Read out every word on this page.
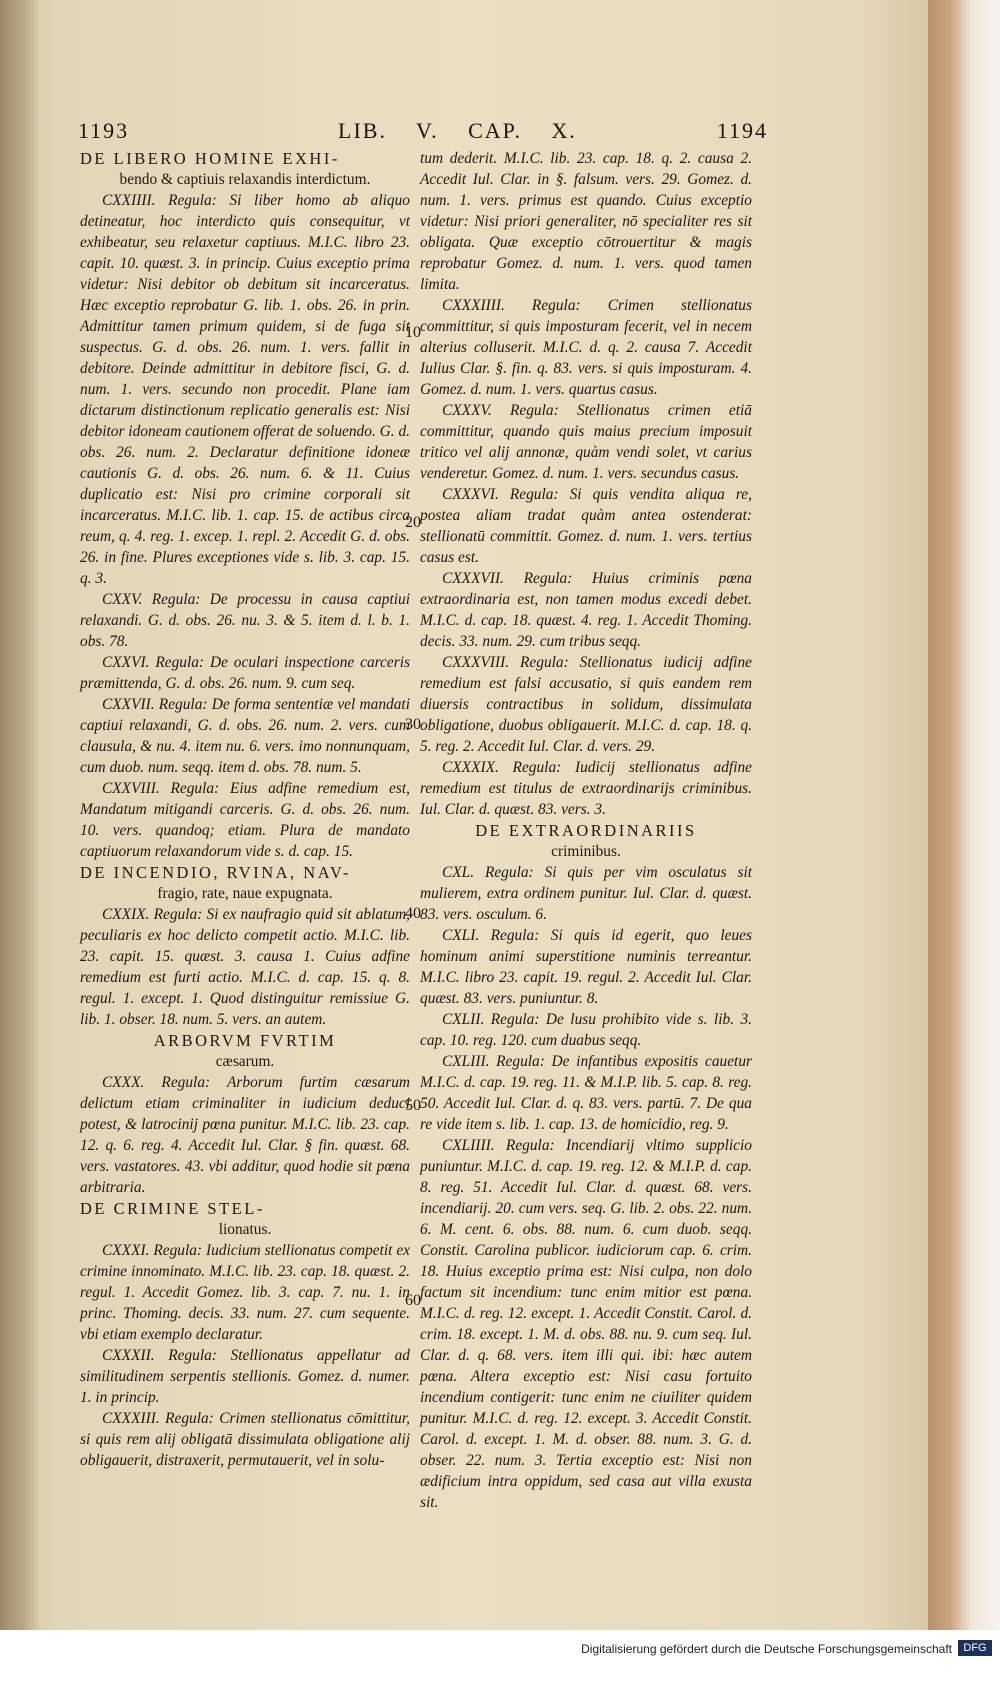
1193	LIB. V. CAP. X.	1194
DE LIBERO HOMINE EXHI-

bendo & captiuis relaxandis interdictum.

CXXIIII. Regula: Si liber homo ab aliquo detineatur, hoc interdicto quis consequitur, vt exhibeatur, seu relaxetur captiuus. M.I.C. libro 23. capit. 10. quæst. 3. in princip. Cuius exceptio prima videtur: Nisi debitor ob debitum sit incarceratus. Hæc exceptio reprobatur G. lib. 1. obs. 26. in prin. Admittitur tamen primum quidem, si de fuga sit suspectus. G. d. obs. 26. num. 1. vers. fallit in debitore. Deinde admittitur in debitore fisci, G. d. num. 1. vers. secundo non procedit. Plane iam dictarum distinctionum replicatio generalis est: Nisi debitor idoneam cautionem offerat de soluendo. G. d. obs. 26. num. 2. Declaratur definitione idoneæ cautionis G. d. obs. 26. num. 6. & 11. Cuius duplicatio est: Nisi pro crimine corporali sit incarceratus. M.I.C. lib. 1. cap. 15. de actibus circa reum, q. 4. reg. 1. excep. 1. repl. 2. Accedit G. d. obs. 26. in fine. Plures exceptiones vide s. lib. 3. cap. 15. q. 3.

CXXV. Regula: De processu in causa captiui relaxandi. G. d. obs. 26. nu. 3. & 5. item d. l. b. 1. obs. 78.

CXXVI. Regula: De oculari inspectione carceris præmittenda, G. d. obs. 26. num. 9. cum seq.

CXXVII. Regula: De forma sententiæ vel mandati captiui relaxandi, G. d. obs. 26. num. 2. vers. cum clausula, & nu. 4. item nu. 6. vers. imo nonnunquam, cum duob. num. seqq. item d. obs. 78. num. 5.

CXXVIII. Regula: Eius adfine remedium est, Mandatum mitigandi carceris. G. d. obs. 26. num. 10. vers. quandoq; etiam. Plura de mandato captiuorum relaxandorum vide s. d. cap. 15.

DE INCENDIO, RVINA, NAV-

fragio, rate, naue expugnata.

CXXIX. Regula: Si ex naufragio quid sit ablatum, peculiaris ex hoc delicto competit actio. M.I.C. lib. 23. capit. 15. quæst. 3. causa 1. Cuius adfine remedium est furti actio. M.I.C. d. cap. 15. q. 8. regul. 1. except. 1. Quod distinguitur remissiue G. lib. 1. obser. 18. num. 5. vers. an autem.

ARBORVM FVRTIM

cæsarum.

CXXX. Regula: Arborum furtim cæsarum delictum etiam criminaliter in iudicium deduci potest, & latrocinij pœna punitur. M.I.C. lib. 23. cap. 12. q. 6. reg. 4. Accedit Iul. Clar. § fin. quæst. 68. vers. vastatores. 43. vbi additur, quod hodie sit pœna arbitraria.

DE CRIMINE STEL-

lionatus.

CXXXI. Regula: Iudicium stellionatus competit ex crimine innominato. M.I.C. lib. 23. cap. 18. quæst. 2. regul. 1. Accedit Gomez. lib. 3. cap. 7. nu. 1. in princ. Thoming. decis. 33. num. 27. cum sequente. vbi etiam exemplo declaratur.

CXXXII. Regula: Stellionatus appellatur ad similitudinem serpentis stellionis. Gomez. d. numer. 1. in princip.

CXXXIII. Regula: Crimen stellionatus cōmittitur, si quis rem alij obligatā dissimulata obligatione alij obligauerit, distraxerit, permutauerit, vel in solu-

10
20
30
40
50
60

tum dederit. M.I.C. lib. 23. cap. 18. q. 2. causa 2. Accedit Iul. Clar. in §. falsum. vers. 29. Gomez. d. num. 1. vers. primus est quando. Cuius exceptio videtur: Nisi priori generaliter, nō specialiter res sit obligata. Quæ exceptio cōtrouertitur & magis reprobatur Gomez. d. num. 1. vers. quod tamen limita.

CXXXIIII. Regula: Crimen stellionatus committitur, si quis imposturam fecerit, vel in necem alterius colluserit. M.I.C. d. q. 2. causa 7. Accedit Iulius Clar. §. fin. q. 83. vers. si quis imposturam. 4. Gomez. d. num. 1. vers. quartus casus.

CXXXV. Regula: Stellionatus crimen etiā committitur, quando quis maius precium imposuit tritico vel alij annonæ, quàm vendi solet, vt carius venderetur. Gomez. d. num. 1. vers. secundus casus.

CXXXVI. Regula: Si quis vendita aliqua re, postea aliam tradat quàm antea ostenderat: stellionatū committit. Gomez. d. num. 1. vers. tertius casus est.

CXXXVII. Regula: Huius criminis pœna extraordinaria est, non tamen modus excedi debet. M.I.C. d. cap. 18. quæst. 4. reg. 1. Accedit Thoming. decis. 33. num. 29. cum tribus seqq.

CXXXVIII. Regula: Stellionatus iudicij adfine remedium est falsi accusatio, si quis eandem rem diuersis contractibus in solidum, dissimulata obligatione, duobus obligauerit. M.I.C. d. cap. 18. q. 5. reg. 2. Accedit Iul. Clar. d. vers. 29.

CXXXIX. Regula: Iudicij stellionatus adfine remedium est titulus de extraordinarijs criminibus. Iul. Clar. d. quæst. 83. vers. 3.

DE EXTRAORDINARIIS

criminibus.

CXL. Regula: Si quis per vim osculatus sit mulierem, extra ordinem punitur. Iul. Clar. d. quæst. 83. vers. osculum. 6.

CXLI. Regula: Si quis id egerit, quo leues hominum animi superstitione numinis terreantur. M.I.C. libro 23. capit. 19. regul. 2. Accedit Iul. Clar. quæst. 83. vers. puniuntur. 8.

CXLII. Regula: De lusu prohibito vide s. lib. 3. cap. 10. reg. 120. cum duabus seqq.

CXLIII. Regula: De infantibus expositis cauetur M.I.C. d. cap. 19. reg. 11. & M.I.P. lib. 5. cap. 8. reg. 50. Accedit Iul. Clar. d. q. 83. vers. partū. 7. De qua re vide item s. lib. 1. cap. 13. de homicidio, reg. 9.

CXLIIII. Regula: Incendiarij vltimo supplicio puniuntur. M.I.C. d. cap. 19. reg. 12. & M.I.P. d. cap. 8. reg. 51. Accedit Iul. Clar. d. quæst. 68. vers. incendiarij. 20. cum vers. seq. G. lib. 2. obs. 22. num. 6. M. cent. 6. obs. 88. num. 6. cum duob. seqq. Constit. Carolina publicor. iudiciorum cap. 6. crim. 18. Huius exceptio prima est: Nisi culpa, non dolo factum sit incendium: tunc enim mitior est pœna. M.I.C. d. reg. 12. except. 1. Accedit Constit. Carol. d. crim. 18. except. 1. M. d. obs. 88. nu. 9. cum seq. Iul. Clar. d. q. 68. vers. item illi qui. ibi: hæc autem pœna. Altera exceptio est: Nisi casu fortuito incendium contigerit: tunc enim ne ciuiliter quidem punitur. M.I.C. d. reg. 12. except. 3. Accedit Constit. Carol. d. except. 1. M. d. obser. 88. num. 3. G. d. obser. 22. num. 3. Tertia exceptio est: Nisi non ædificium intra oppidum, sed casa aut villa exusta sit.

Digitalisierung gefördert durch die Deutsche Forschungsgemeinschaft	DFG
